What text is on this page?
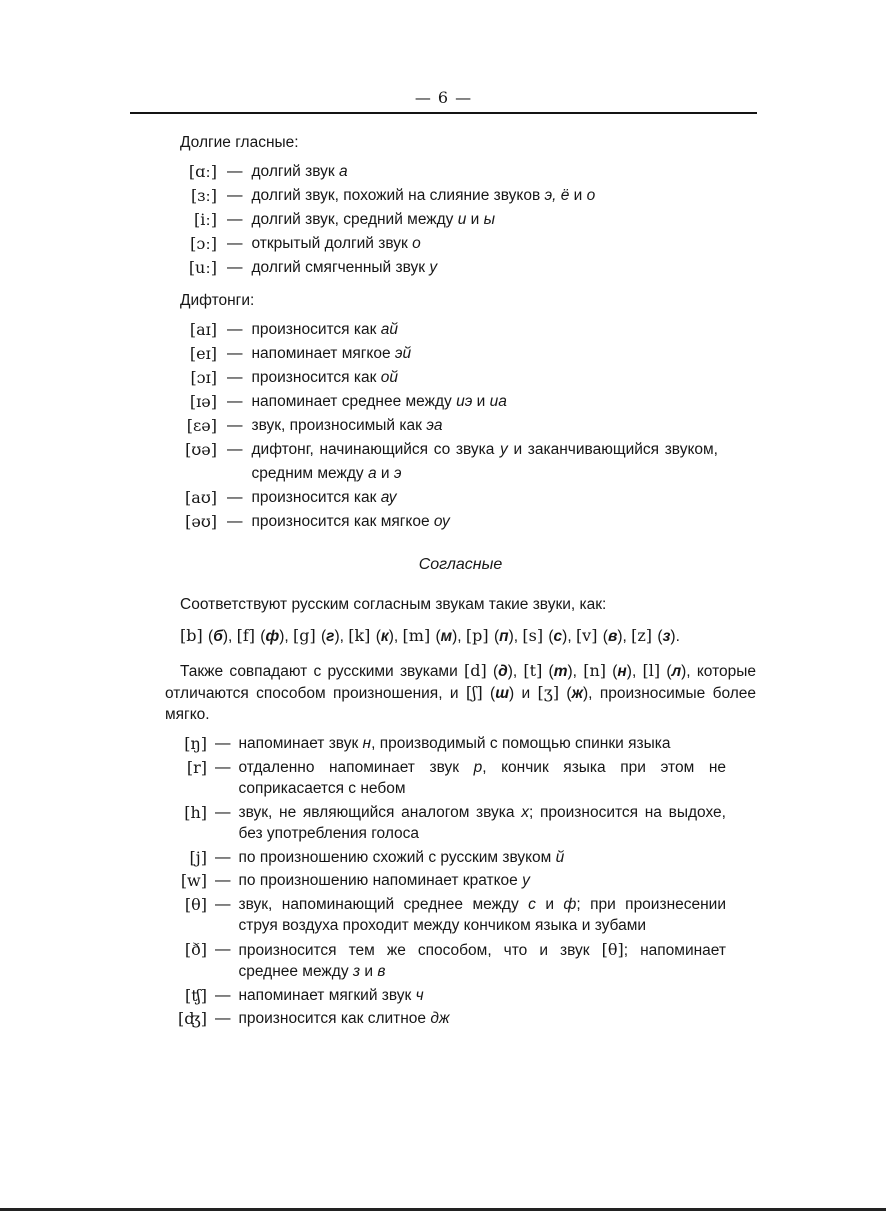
— 6 —
Долгие гласные:
[ɑː] — долгий звук а
[ɜː] — долгий звук, похожий на слияние звуков э, ё и о
[iː] — долгий звук, средний между и и ы
[ɔː] — открытый долгий звук о
[uː] — долгий смягченный звук у
Дифтонги:
[aɪ] — произносится как ай
[eɪ] — напоминает мягкое эй
[ɔɪ] — произносится как ой
[ɪə] — напоминает среднее между иэ и иа
[ɛə] — звук, произносимый как эа
[ʊə] — дифтонг, начинающийся со звука у и заканчивающийся звуком, средним между а и э
[aʊ] — произносится как ау
[əʊ] — произносится как мягкое оу
Согласные

Соответствуют русским согласным звукам такие звуки, как:

[b] (б), [f] (ф), [g] (г), [k] (к), [m] (м), [p] (п), [s] (с), [v] (в), [z] (з).

Также совпадают с русскими звуками [d] (д), [t] (т), [n] (н), [l] (л), которые отличаются способом произношения, и [ʃ] (ш) и [ʒ] (ж), произносимые более мягко.

[ŋ] — напоминает звук н, производимый с помощью спинки языка
[r] — отдаленно напоминает звук р, кончик языка при этом не соприкасается с небом
[h] — звук, не являющийся аналогом звука х; произносится на выдохе, без употребления голоса
[j] — по произношению схожий с русским звуком й
[w] — по произношению напоминает краткое у
[θ] — звук, напоминающий среднее между с и ф; при произнесении струя воздуха проходит между кончиком языка и зубами
[ð] — произносится тем же способом, что и звук [θ]; напоминает среднее между з и в
[ʧ] — напоминает мягкий звук ч
[ʤ] — произносится как слитное дж
